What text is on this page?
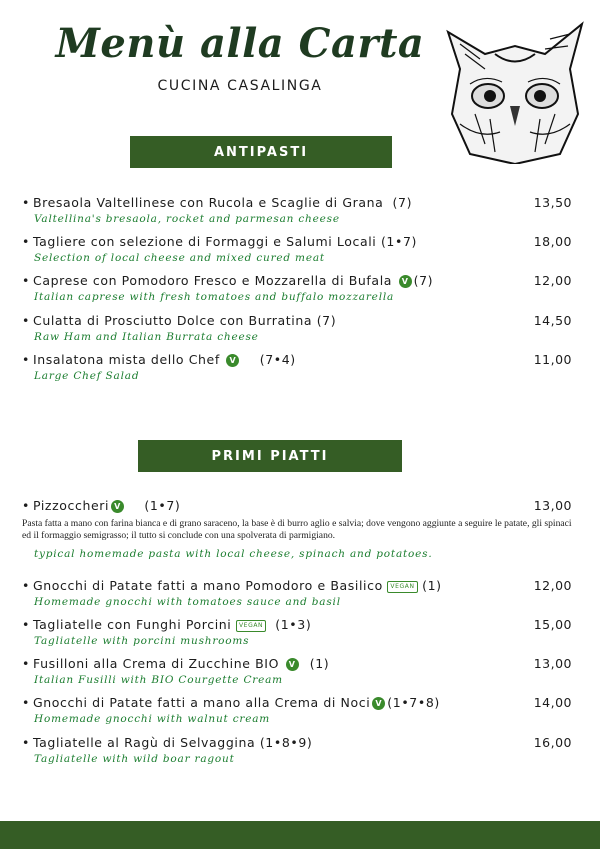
Menù alla Carta
CUCINA CASALINGA
ANTIPASTI
• Bresaola Valtellinese con Rucola e Scaglie di Grana (7)	13,50
Valtellina's bresaola, rocket and parmesan cheese
• Tagliere con selezione di Formaggi e Salumi Locali (1•7)	18,00
Selection of local cheese and mixed cured meat
• Caprese con Pomodoro Fresco e Mozzarella di Bufala V (7)	12,00
Italian caprese with fresh tomatoes and buffalo mozzarella
• Culatta di Prosciutto Dolce con Burratina (7)	14,50
Raw Ham and Italian Burrata cheese
• Insalatona mista dello Chef V (7•4)	11,00
Large Chef Salad
PRIMI PIATTI
• Pizzoccheri V (1•7)	13,00
Pasta fatta a mano con farina bianca e di grano saraceno, la base è di burro aglio e salvia; dove vengono aggiunte a seguire le patate, gli spinaci ed il formaggio semigrasso; il tutto si conclude con una spolverata di parmigiano.
typical homemade pasta with local cheese, spinach and potatoes.
• Gnocchi di Patate fatti a mano Pomodoro e Basilico VEGAN (1)	12,00
Homemade gnocchi with tomatoes sauce and basil
• Tagliatelle con Funghi Porcini VEGAN (1•3)	15,00
Tagliatelle with porcini mushrooms
• Fusilloni alla Crema di Zucchine BIO V (1)	13,00
Italian Fusilli with BIO Courgette Cream
• Gnocchi di Patate fatti a mano alla Crema di Noci V (1•7•8)	14,00
Homemade gnocchi with walnut cream
• Tagliatelle al Ragù di Selvaggina (1•8•9)	16,00
Tagliatelle with wild boar ragout
